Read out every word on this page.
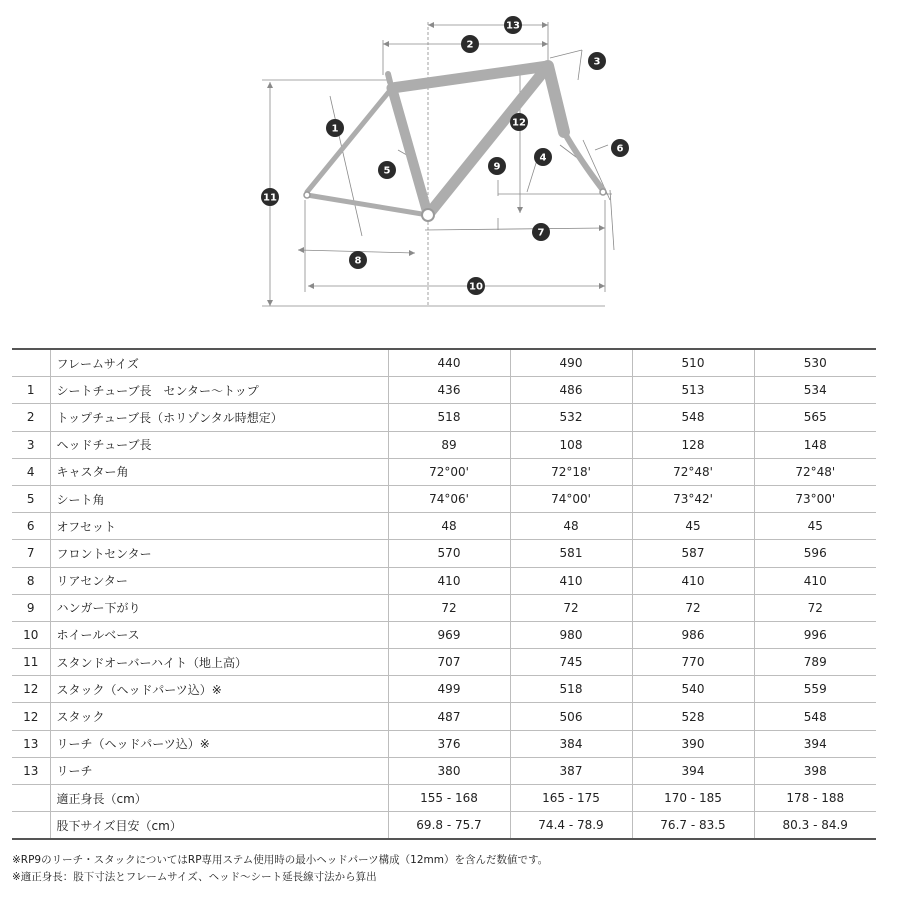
1
2
3
4
5
6
7
8
9
10
11
12
13
	フレームサイズ	440	490	510	530
1	シートチューブ長　センター〜トップ	436	486	513	534
2	トップチューブ長（ホリゾンタル時想定）	518	532	548	565
3	ヘッドチューブ長	89	108	128	148
4	キャスター角	72°00'	72°18'	72°48'	72°48'
5	シート角	74°06'	74°00'	73°42'	73°00'
6	オフセット	48	48	45	45
7	フロントセンター	570	581	587	596
8	リアセンター	410	410	410	410
9	ハンガー下がり	72	72	72	72
10	ホイールベース	969	980	986	996
11	スタンドオーバーハイト（地上高）	707	745	770	789
12	スタック（ヘッドパーツ込）※	499	518	540	559
12	スタック	487	506	528	548
13	リーチ（ヘッドパーツ込）※	376	384	390	394
13	リーチ	380	387	394	398
	適正身長（cm）	155 - 168	165 - 175	170 - 185	178 - 188
	股下サイズ目安（cm）	69.8 - 75.7	74.4 - 78.9	76.7 - 83.5	80.3 - 84.9
※RP9のリーチ・スタックについてはRP専用ステム使用時の最小ヘッドパーツ構成（12mm）を含んだ数値です。
※適正身長：股下寸法とフレームサイズ、ヘッド〜シート延長線寸法から算出
